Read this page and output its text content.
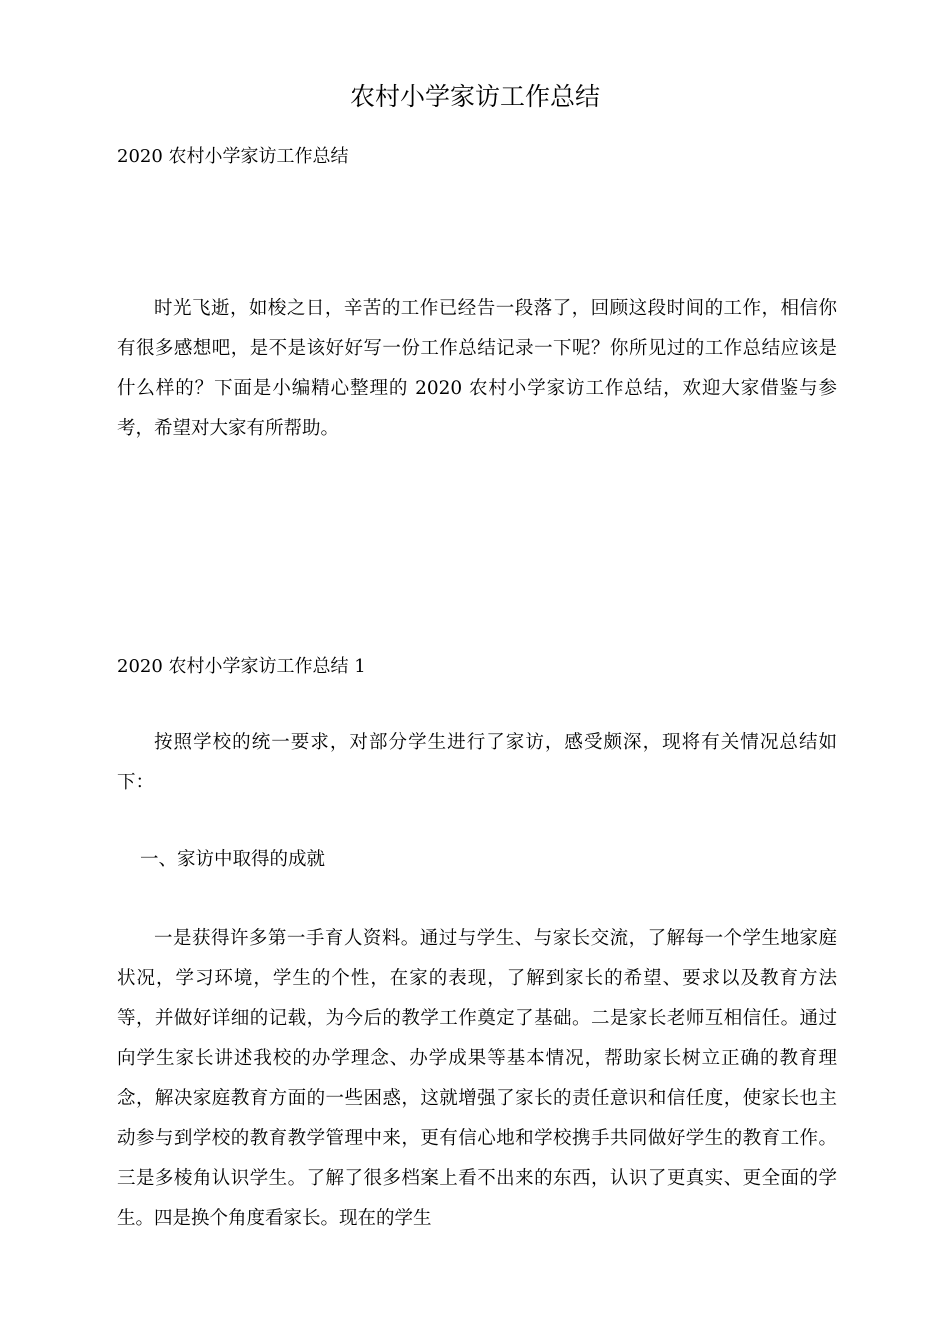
农村小学家访工作总结
2020 农村小学家访工作总结

时光飞逝，如梭之日，辛苦的工作已经告一段落了，回顾这段时间的工作，相信你有很多感想吧，是不是该好好写一份工作总结记录一下呢？你所见过的工作总结应该是什么样的？下面是小编精心整理的 2020 农村小学家访工作总结，欢迎大家借鉴与参考，希望对大家有所帮助。

2020 农村小学家访工作总结 1

按照学校的统一要求，对部分学生进行了家访，感受颇深，现将有关情况总结如下：

一、家访中取得的成就

一是获得许多第一手育人资料。通过与学生、与家长交流，了解每一个学生地家庭状况，学习环境，学生的个性，在家的表现，了解到家长的希望、要求以及教育方法等，并做好详细的记载，为今后的教学工作奠定了基础。二是家长老师互相信任。通过向学生家长讲述我校的办学理念、办学成果等基本情况，帮助家长树立正确的教育理念，解决家庭教育方面的一些困惑，这就增强了家长的责任意识和信任度，使家长也主动参与到学校的教育教学管理中来，更有信心地和学校携手共同做好学生的教育工作。三是多棱角认识学生。了解了很多档案上看不出来的东西，认识了更真实、更全面的学生。四是换个角度看家长。现在的学生
